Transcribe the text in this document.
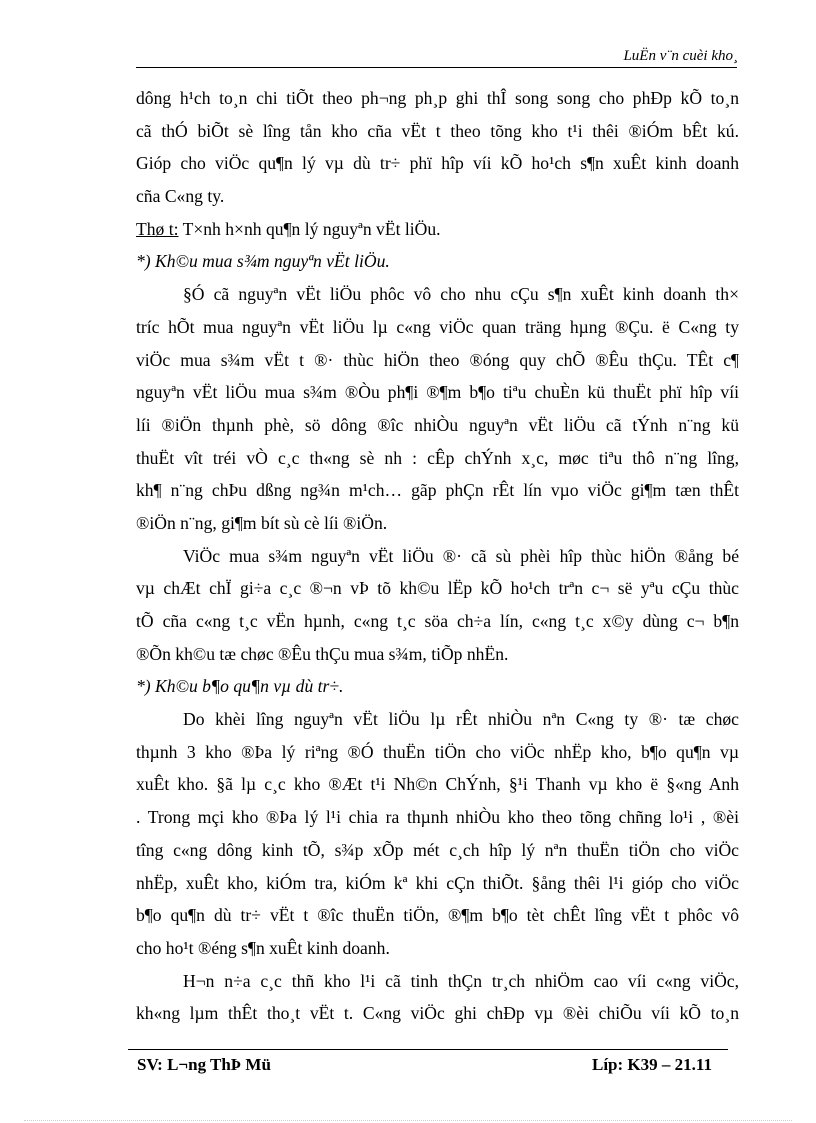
LuËn v¨n cuèi kho¸
dông h¹ch to¸n chi tiÕt theo ph¬ng ph¸p ghi thÎ song song cho phÐp kÕ to¸n
cã thÓ biÕt sè lîng tån kho cña vËt t theo tõng kho t¹i thêi ®iÓm bÊt kú.
Gióp cho viÖc qu¶n lý vµ dù tr÷ phï hîp víi kÕ ho¹ch s¶n xuÊt kinh doanh
cña C«ng ty.
Thø t: T×nh h×nh qu¶n lý nguyªn vËt liÖu.
*) Kh©u mua s¾m nguyªn vËt liÖu.
§Ó cã nguyªn vËt liÖu phôc vô cho nhu cÇu s¶n xuÊt kinh doanh th×
tríc hÕt mua nguyªn vËt liÖu lµ c«ng viÖc quan träng hµng ®Çu. ë C«ng ty
viÖc mua s¾m vËt t ®· thùc hiÖn theo ®óng quy chÕ ®Êu thÇu. TÊt c¶
nguyªn vËt liÖu mua s¾m ®Òu ph¶i ®¶m b¶o tiªu chuÈn kü thuËt phï hîp víi
líi ®iÖn thµnh phè, sö dông ®îc nhiÒu nguyªn vËt liÖu cã tÝnh n¨ng kü
thuËt vît tréi vÒ c¸c th«ng sè nh : cÊp chÝnh x¸c, møc tiªu thô n¨ng lîng,
kh¶ n¨ng chÞu dßng ng¾n m¹ch… gãp phÇn rÊt lín vµo viÖc gi¶m tæn thÊt
®iÖn n¨ng, gi¶m bít sù cè líi ®iÖn.
ViÖc mua s¾m nguyªn vËt liÖu ®· cã sù phèi hîp thùc hiÖn ®ång bé
vµ chÆt chÏ gi÷a c¸c ®¬n vÞ tõ kh©u lËp kÕ ho¹ch trªn c¬ së yªu cÇu thùc
tÕ cña c«ng t¸c vËn hµnh, c«ng t¸c söa ch÷a lín, c«ng t¸c x©y dùng c¬ b¶n
®Õn kh©u tæ chøc ®Êu thÇu mua s¾m, tiÕp nhËn.
*) Kh©u b¶o qu¶n vµ dù tr÷.
Do khèi lîng nguyªn vËt liÖu lµ rÊt nhiÒu nªn C«ng ty ®· tæ chøc
thµnh 3 kho ®Þa lý riªng ®Ó thuËn tiÖn cho viÖc nhËp kho, b¶o qu¶n vµ
xuÊt kho. §ã lµ c¸c kho ®Æt t¹i Nh©n ChÝnh, §¹i Thanh vµ kho ë §«ng Anh
. Trong mçi kho ®Þa lý l¹i chia ra thµnh nhiÒu kho theo tõng chñng lo¹i , ®èi
tîng c«ng dông kinh tÕ, s¾p xÕp mét c¸ch hîp lý nªn thuËn tiÖn cho viÖc
nhËp, xuÊt kho, kiÓm tra, kiÓm kª khi cÇn thiÕt. §ång thêi l¹i gióp cho viÖc
b¶o qu¶n dù tr÷ vËt t ®îc thuËn tiÖn, ®¶m b¶o tèt chÊt lîng vËt t phôc vô
cho ho¹t ®éng s¶n xuÊt kinh doanh.
H¬n n÷a c¸c thñ kho l¹i cã tinh thÇn tr¸ch nhiÖm cao víi c«ng viÖc,
kh«ng lµm thÊt tho¸t vËt t. C«ng viÖc ghi chÐp vµ ®èi chiÕu víi kÕ to¸n
SV: L¬ng ThÞ Mü	Líp: K39 – 21.11
